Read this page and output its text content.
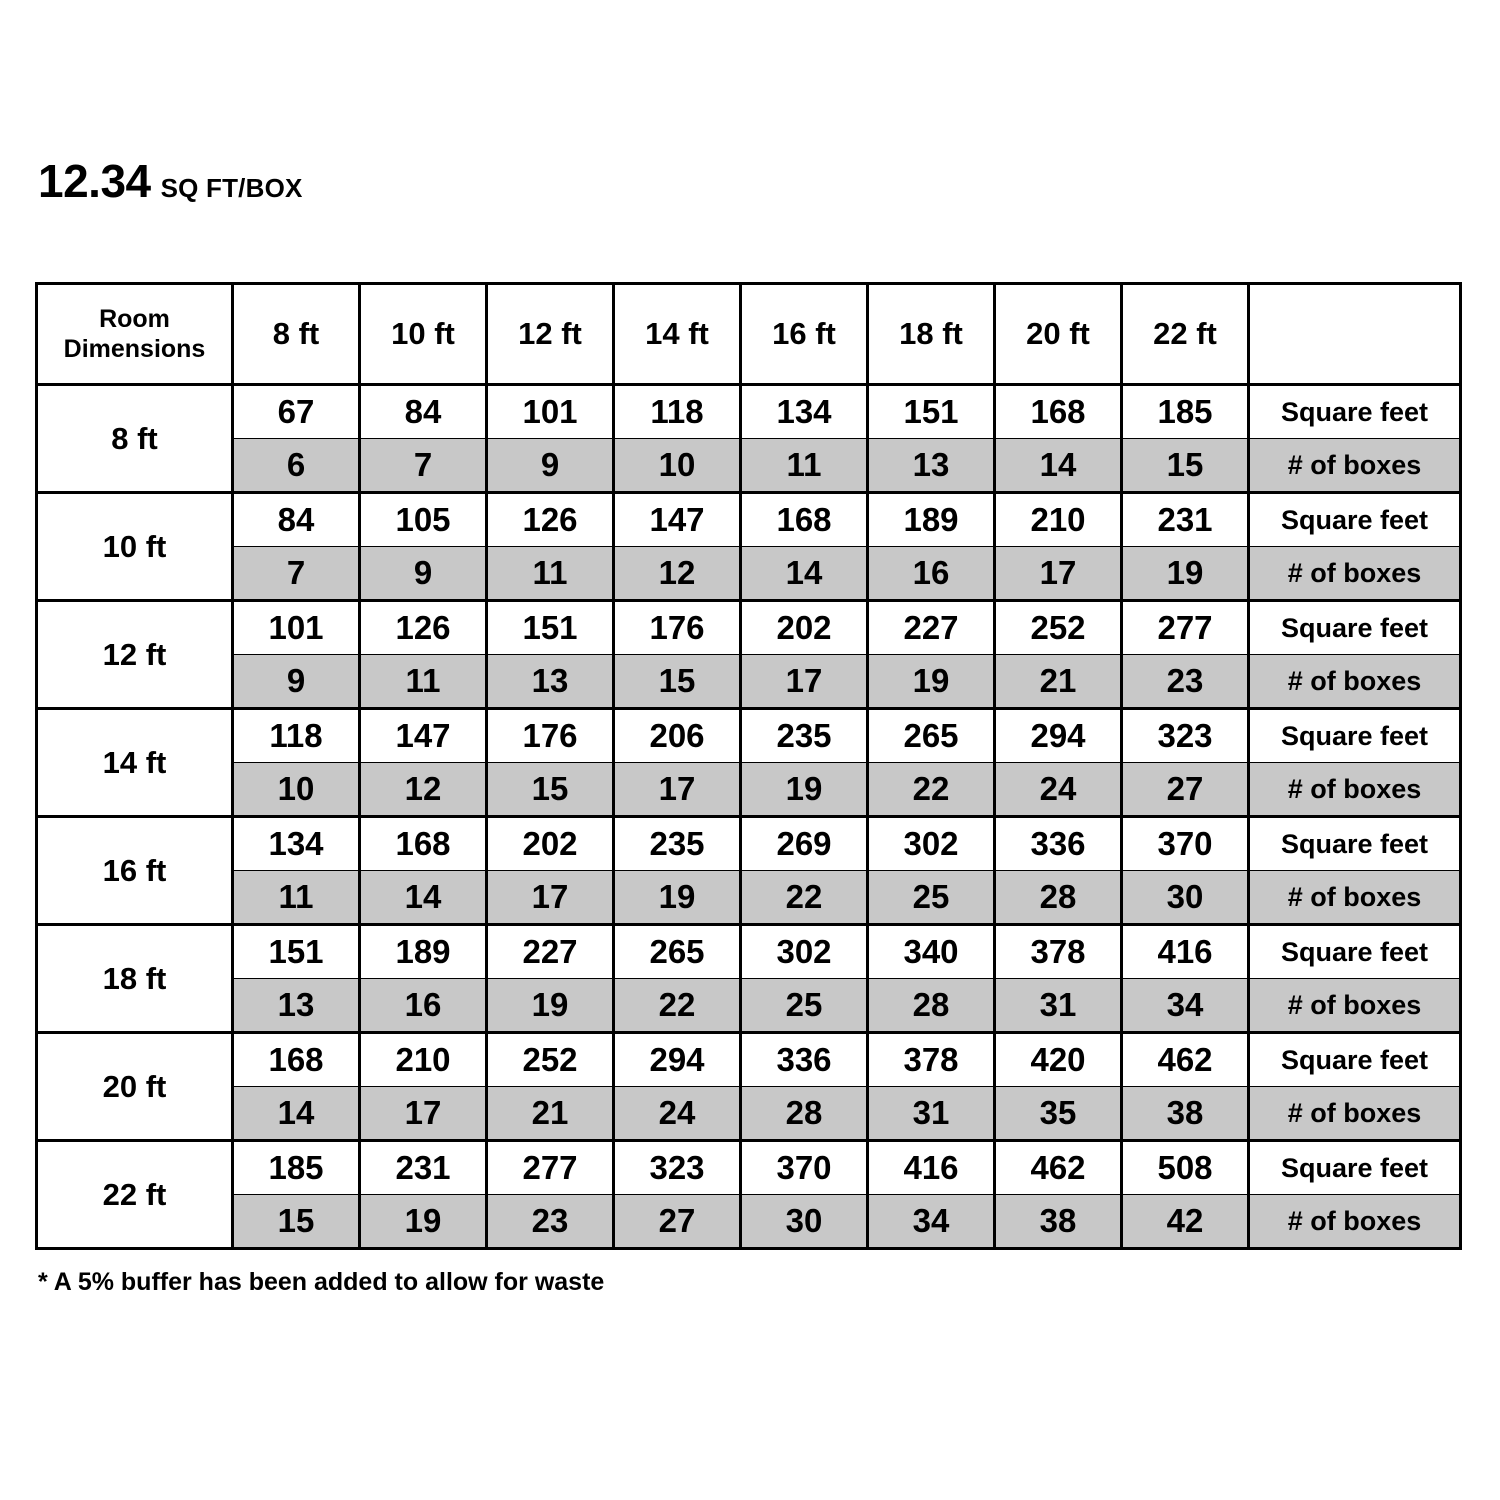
12.34 SQ FT/BOX
Room
Dimensions	8 ft	10 ft	12 ft	14 ft	16 ft	18 ft	20 ft	22 ft	
8 ft	67	84	101	118	134	151	168	185	Square feet
	6	7	9	10	11	13	14	15	# of boxes
10 ft	84	105	126	147	168	189	210	231	Square feet
	7	9	11	12	14	16	17	19	# of boxes
12 ft	101	126	151	176	202	227	252	277	Square feet
	9	11	13	15	17	19	21	23	# of boxes
14 ft	118	147	176	206	235	265	294	323	Square feet
	10	12	15	17	19	22	24	27	# of boxes
16 ft	134	168	202	235	269	302	336	370	Square feet
	11	14	17	19	22	25	28	30	# of boxes
18 ft	151	189	227	265	302	340	378	416	Square feet
	13	16	19	22	25	28	31	34	# of boxes
20 ft	168	210	252	294	336	378	420	462	Square feet
	14	17	21	24	28	31	35	38	# of boxes
22 ft	185	231	277	323	370	416	462	508	Square feet
	15	19	23	27	30	34	38	42	# of boxes
* A 5% buffer has been added to allow for waste
